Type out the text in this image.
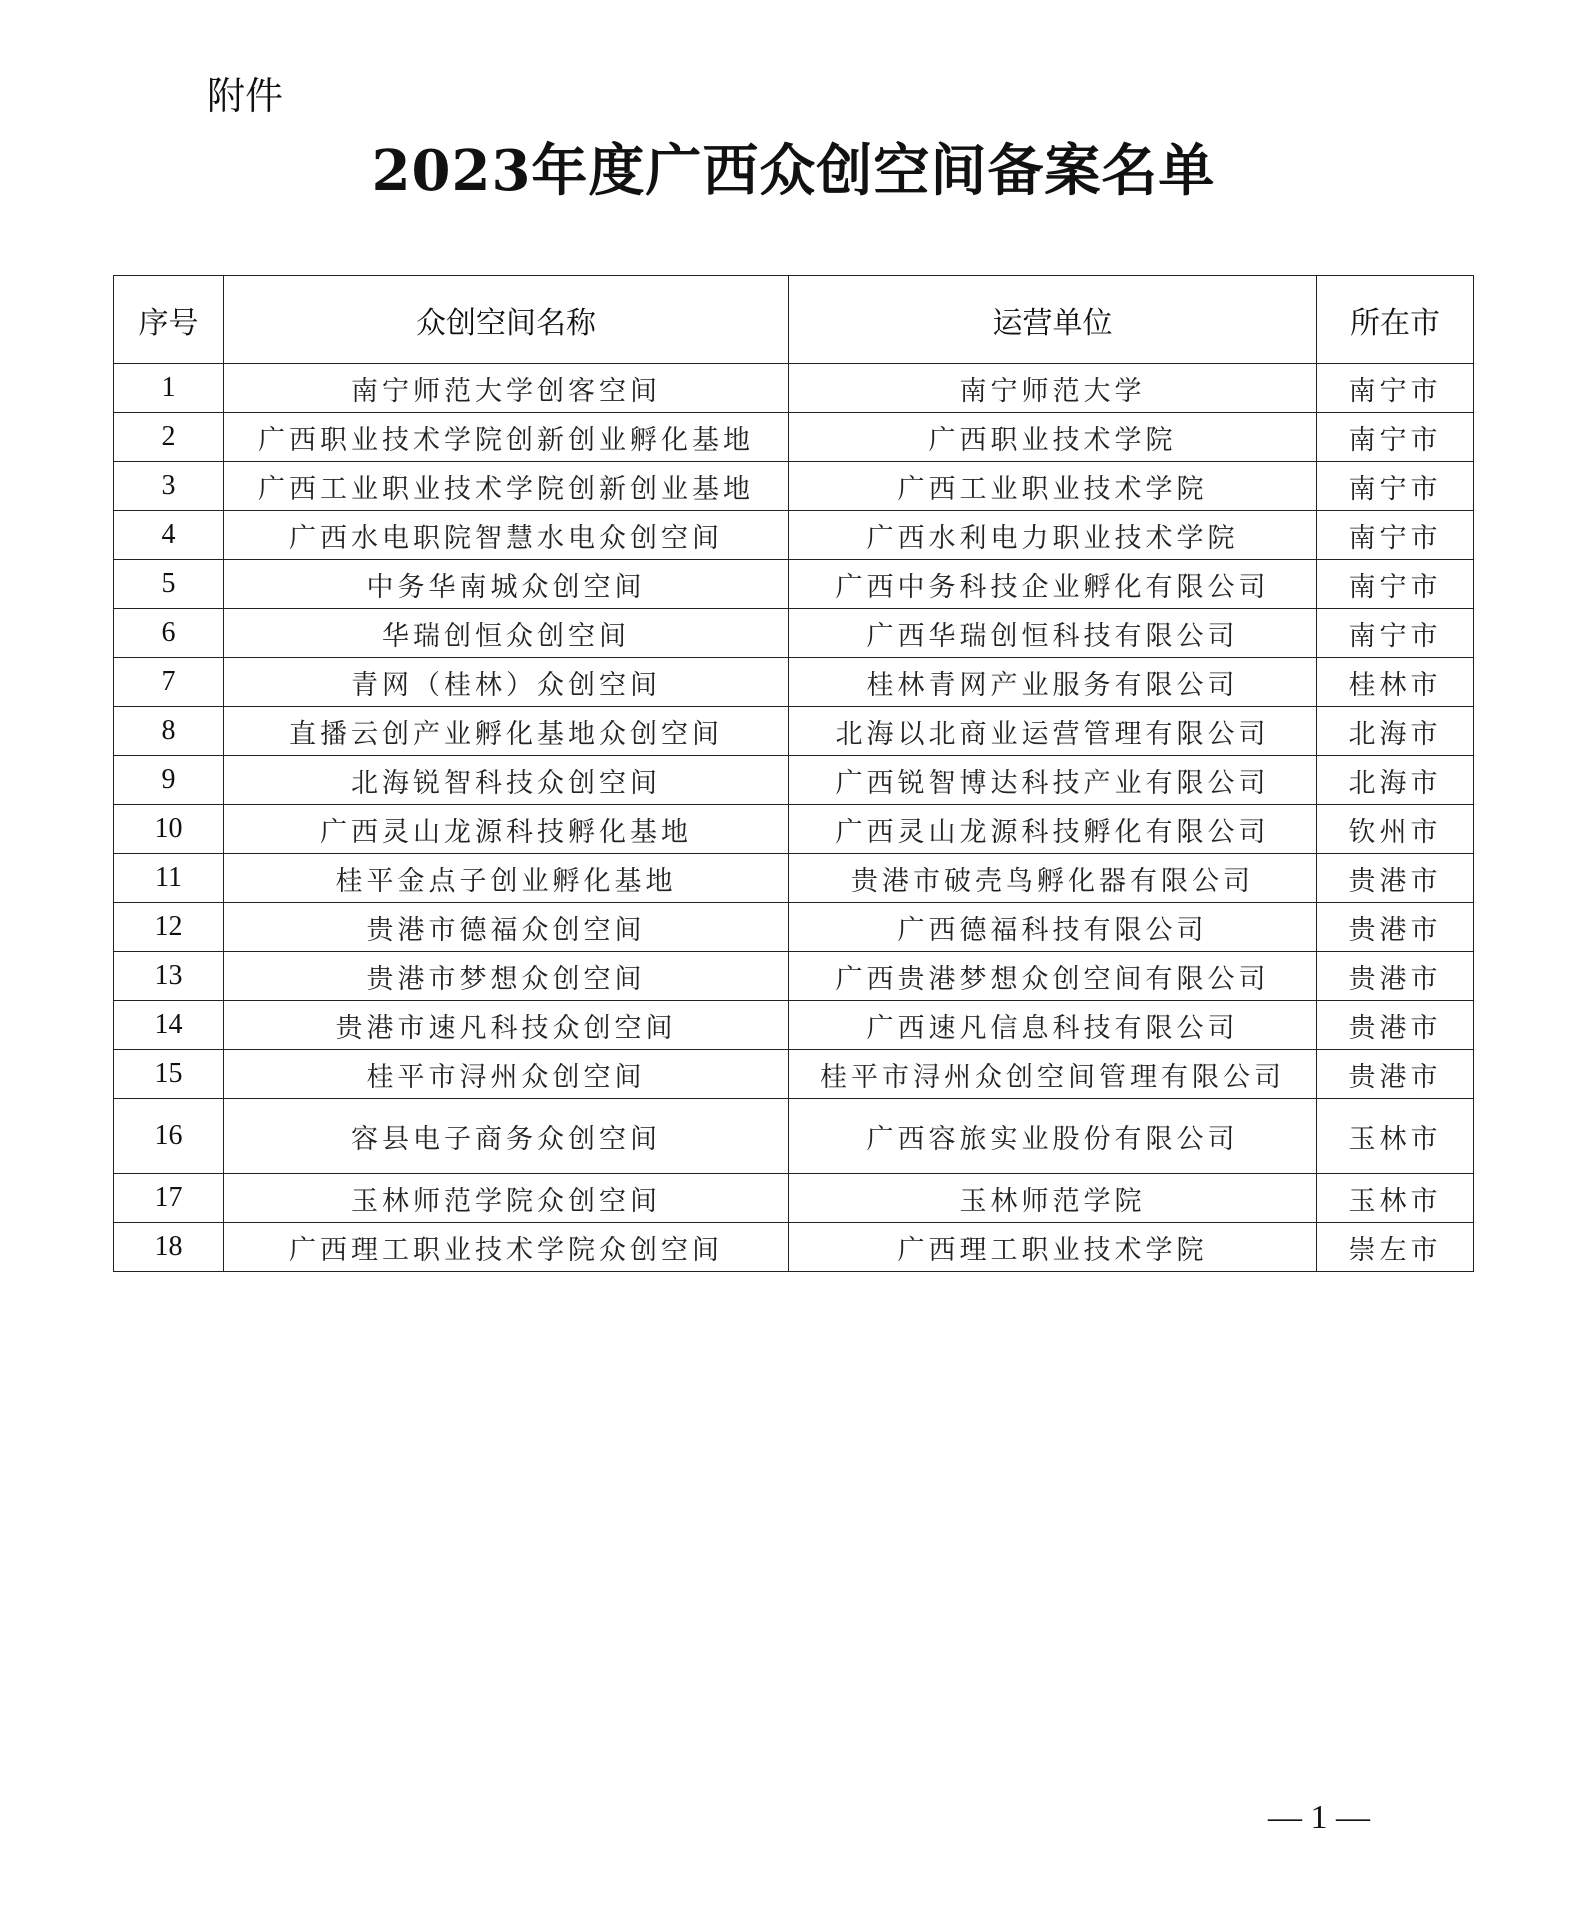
附件
2023年度广西众创空间备案名单
序号	众创空间名称	运营单位	所在市
1	南宁师范大学创客空间	南宁师范大学	南宁市
2	广西职业技术学院创新创业孵化基地	广西职业技术学院	南宁市
3	广西工业职业技术学院创新创业基地	广西工业职业技术学院	南宁市
4	广西水电职院智慧水电众创空间	广西水利电力职业技术学院	南宁市
5	中务华南城众创空间	广西中务科技企业孵化有限公司	南宁市
6	华瑞创恒众创空间	广西华瑞创恒科技有限公司	南宁市
7	青网（桂林）众创空间	桂林青网产业服务有限公司	桂林市
8	直播云创产业孵化基地众创空间	北海以北商业运营管理有限公司	北海市
9	北海锐智科技众创空间	广西锐智博达科技产业有限公司	北海市
10	广西灵山龙源科技孵化基地	广西灵山龙源科技孵化有限公司	钦州市
11	桂平金点子创业孵化基地	贵港市破壳鸟孵化器有限公司	贵港市
12	贵港市德福众创空间	广西德福科技有限公司	贵港市
13	贵港市梦想众创空间	广西贵港梦想众创空间有限公司	贵港市
14	贵港市速凡科技众创空间	广西速凡信息科技有限公司	贵港市
15	桂平市浔州众创空间	桂平市浔州众创空间管理有限公司	贵港市
16	容县电子商务众创空间	广西容旅实业股份有限公司	玉林市
17	玉林师范学院众创空间	玉林师范学院	玉林市
18	广西理工职业技术学院众创空间	广西理工职业技术学院	崇左市
— 1 —
